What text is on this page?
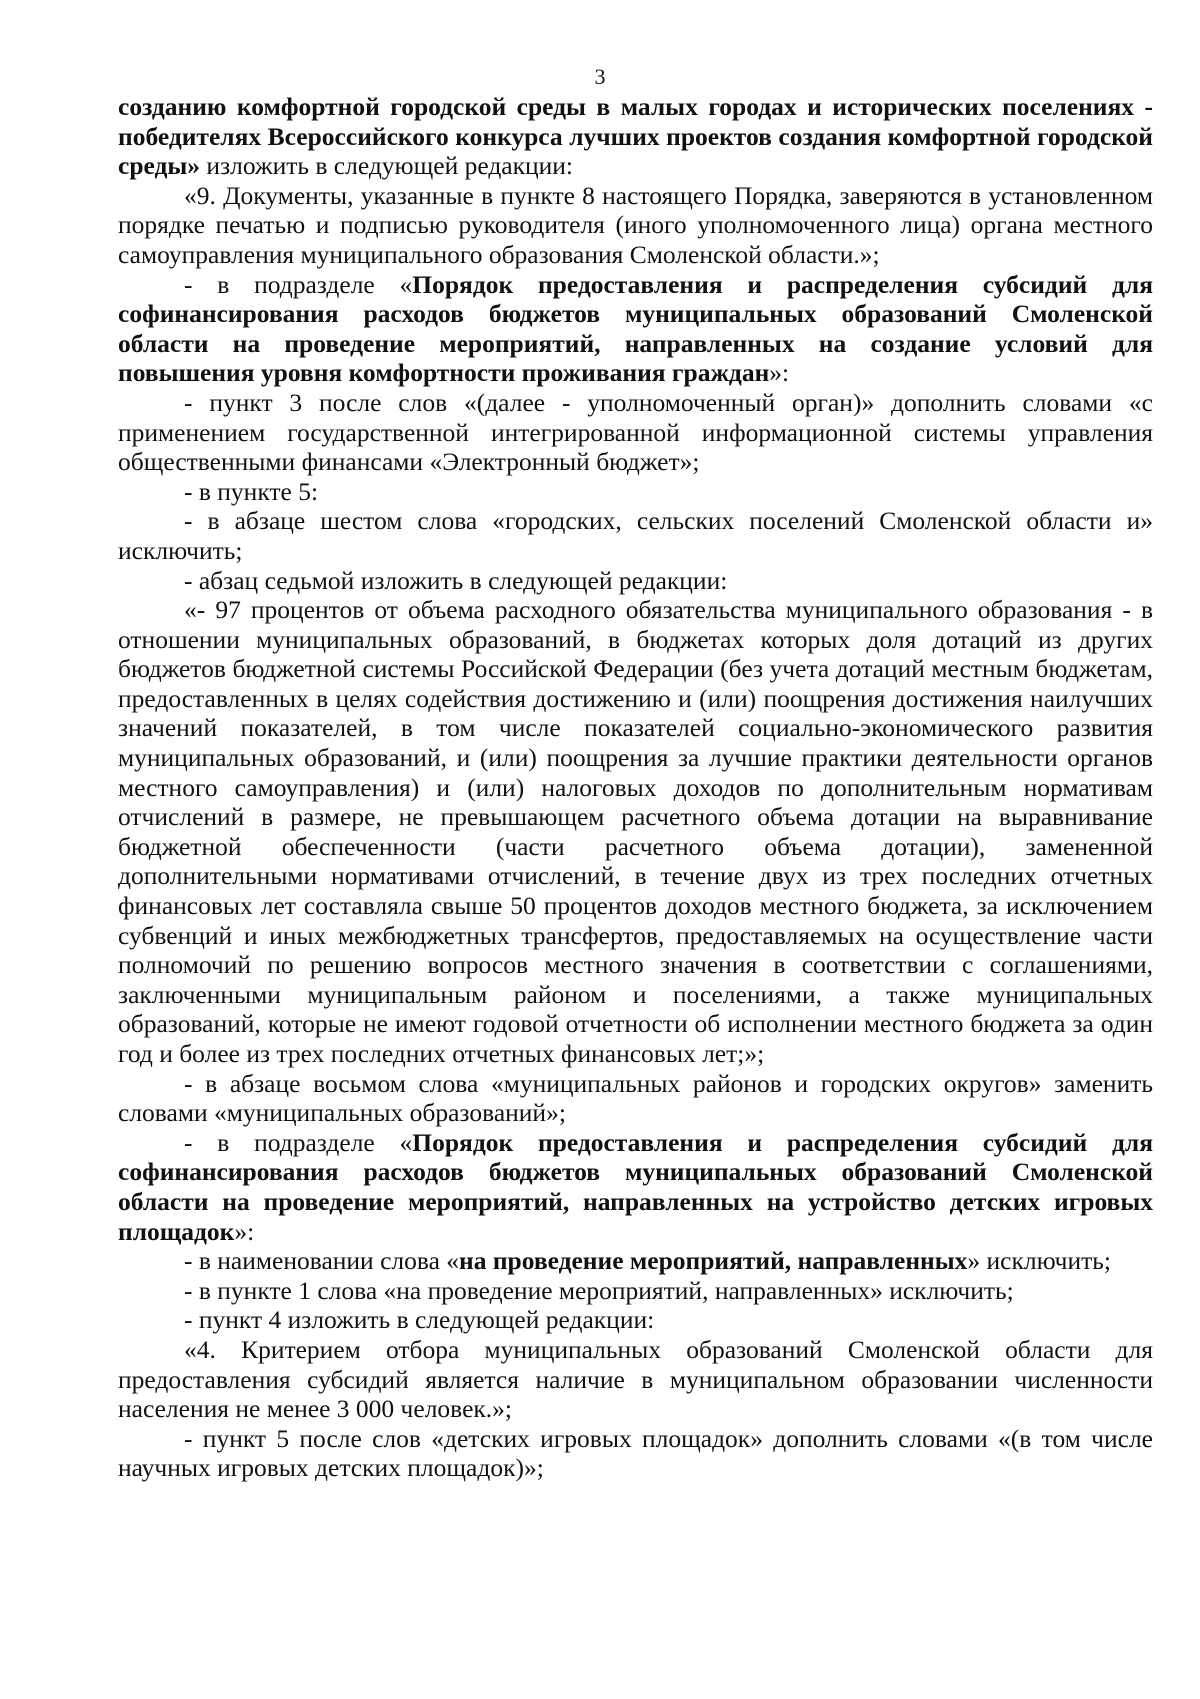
3

созданию комфортной городской среды в малых городах и исторических поселениях - победителях Всероссийского конкурса лучших проектов создания комфортной городской среды» изложить в следующей редакции:

«9. Документы, указанные в пункте 8 настоящего Порядка, заверяются в установленном порядке печатью и подписью руководителя (иного уполномоченного лица) органа местного самоуправления муниципального образования Смоленской области.»;

- в подразделе «Порядок предоставления и распределения субсидий для софинансирования расходов бюджетов муниципальных образований Смоленской области на проведение мероприятий, направленных на создание условий для повышения уровня комфортности проживания граждан»:

- пункт 3 после слов «(далее - уполномоченный орган)» дополнить словами «с применением государственной интегрированной информационной системы управления общественными финансами «Электронный бюджет»;

- в пункте 5:

- в абзаце шестом слова «городских, сельских поселений Смоленской области и» исключить;

- абзац седьмой изложить в следующей редакции:

«- 97 процентов от объема расходного обязательства муниципального образования - в отношении муниципальных образований, в бюджетах которых доля дотаций из других бюджетов бюджетной системы Российской Федерации (без учета дотаций местным бюджетам, предоставленных в целях содействия достижению и (или) поощрения достижения наилучших значений показателей, в том числе показателей социально-экономического развития муниципальных образований, и (или) поощрения за лучшие практики деятельности органов местного самоуправления) и (или) налоговых доходов по дополнительным нормативам отчислений в размере, не превышающем расчетного объема дотации на выравнивание бюджетной обеспеченности (части расчетного объема дотации), замененной дополнительными нормативами отчислений, в течение двух из трех последних отчетных финансовых лет составляла свыше 50 процентов доходов местного бюджета, за исключением субвенций и иных межбюджетных трансфертов, предоставляемых на осуществление части полномочий по решению вопросов местного значения в соответствии с соглашениями, заключенными муниципальным районом и поселениями, а также муниципальных образований, которые не имеют годовой отчетности об исполнении местного бюджета за один год и более из трех последних отчетных финансовых лет;»;

- в абзаце восьмом слова «муниципальных районов и городских округов» заменить словами «муниципальных образований»;

- в подразделе «Порядок предоставления и распределения субсидий для софинансирования расходов бюджетов муниципальных образований Смоленской области на проведение мероприятий, направленных на устройство детских игровых площадок»:

- в наименовании слова «на проведение мероприятий, направленных» исключить;

- в пункте 1 слова «на проведение мероприятий, направленных» исключить;

- пункт 4 изложить в следующей редакции:

«4. Критерием отбора муниципальных образований Смоленской области для предоставления субсидий является наличие в муниципальном образовании численности населения не менее 3 000 человек.»;

- пункт 5 после слов «детских игровых площадок» дополнить словами «(в том числе научных игровых детских площадок)»;
